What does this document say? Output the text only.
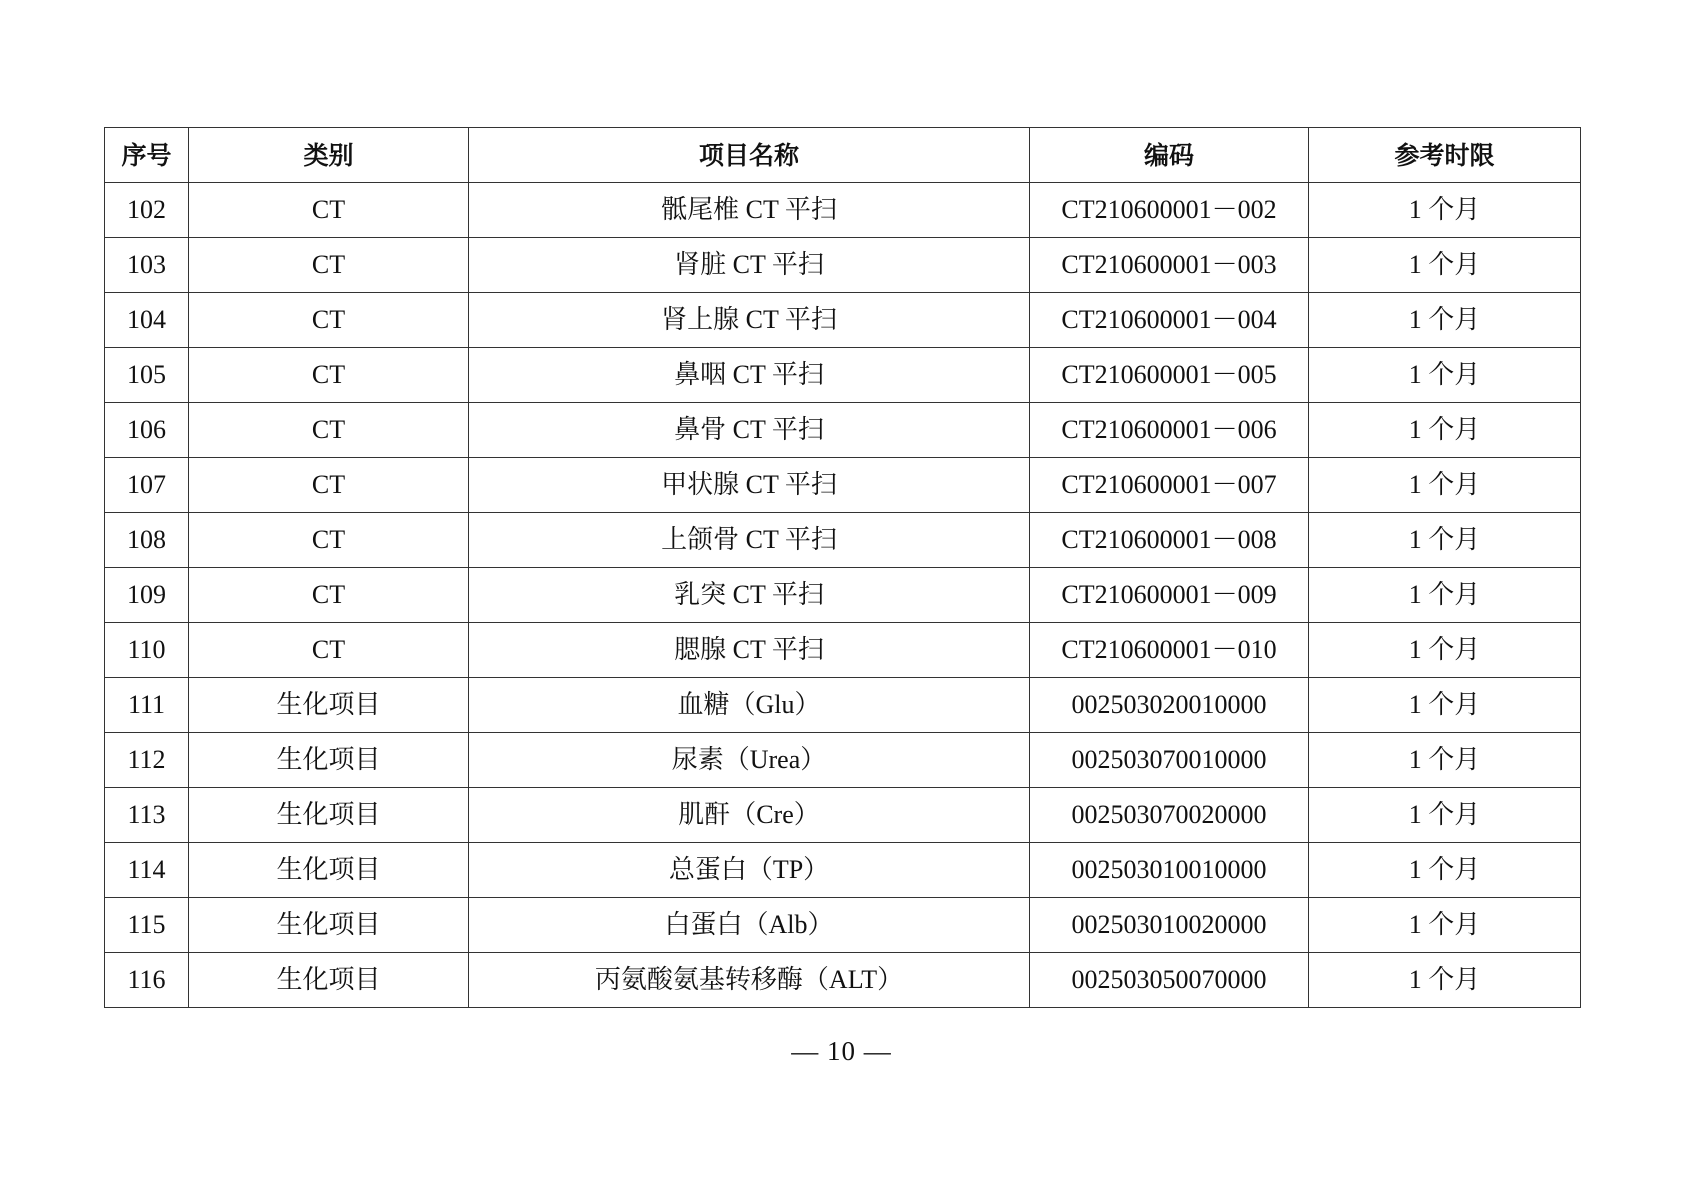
序号	类别	项目名称	编码	参考时限
102	CT	骶尾椎 CT 平扫	CT210600001－002	1 个月
103	CT	肾脏 CT 平扫	CT210600001－003	1 个月
104	CT	肾上腺 CT 平扫	CT210600001－004	1 个月
105	CT	鼻咽 CT 平扫	CT210600001－005	1 个月
106	CT	鼻骨 CT 平扫	CT210600001－006	1 个月
107	CT	甲状腺 CT 平扫	CT210600001－007	1 个月
108	CT	上颌骨 CT 平扫	CT210600001－008	1 个月
109	CT	乳突 CT 平扫	CT210600001－009	1 个月
110	CT	腮腺 CT 平扫	CT210600001－010	1 个月
111	生化项目	血糖（Glu）	002503020010000	1 个月
112	生化项目	尿素（Urea）	002503070010000	1 个月
113	生化项目	肌酐（Cre）	002503070020000	1 个月
114	生化项目	总蛋白（TP）	002503010010000	1 个月
115	生化项目	白蛋白（Alb）	002503010020000	1 个月
116	生化项目	丙氨酸氨基转移酶（ALT）	002503050070000	1 个月
— 10 —
